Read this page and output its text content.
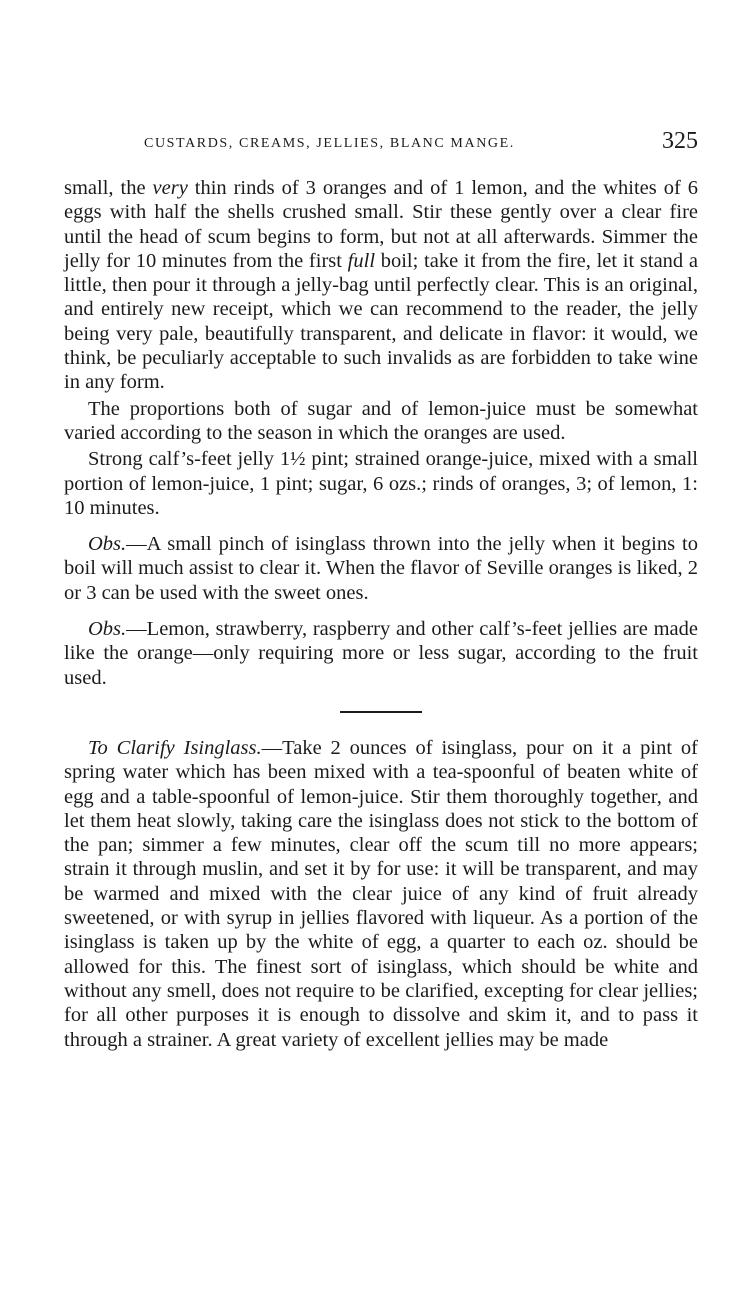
CUSTARDS, CREAMS, JELLIES, BLANC MANGE.	325

small, the very thin rinds of 3 oranges and of 1 lemon, and the whites of 6 eggs with half the shells crushed small. Stir these gently over a clear fire until the head of scum begins to form, but not at all afterwards. Simmer the jelly for 10 minutes from the first full boil; take it from the fire, let it stand a little, then pour it through a jelly-bag until perfectly clear. This is an original, and entirely new receipt, which we can recommend to the reader, the jelly being very pale, beautifully transparent, and delicate in flavor: it would, we think, be peculiarly acceptable to such invalids as are forbidden to take wine in any form.

The proportions both of sugar and of lemon-juice must be somewhat varied according to the season in which the oranges are used.

Strong calf’s-feet jelly 1½ pint; strained orange-juice, mixed with a small portion of lemon-juice, 1 pint; sugar, 6 ozs.; rinds of oranges, 3; of lemon, 1: 10 minutes.

Obs.—A small pinch of isinglass thrown into the jelly when it begins to boil will much assist to clear it. When the flavor of Seville oranges is liked, 2 or 3 can be used with the sweet ones.

Obs.—Lemon, strawberry, raspberry and other calf’s-feet jellies are made like the orange—only requiring more or less sugar, according to the fruit used.

To Clarify Isinglass.—Take 2 ounces of isinglass, pour on it a pint of spring water which has been mixed with a tea-spoonful of beaten white of egg and a table-spoonful of lemon-juice. Stir them thoroughly together, and let them heat slowly, taking care the isinglass does not stick to the bottom of the pan; simmer a few minutes, clear off the scum till no more appears; strain it through muslin, and set it by for use: it will be transparent, and may be warmed and mixed with the clear juice of any kind of fruit already sweetened, or with syrup in jellies flavored with liqueur. As a portion of the isinglass is taken up by the white of egg, a quarter to each oz. should be allowed for this. The finest sort of isinglass, which should be white and without any smell, does not require to be clarified, excepting for clear jellies; for all other purposes it is enough to dissolve and skim it, and to pass it through a strainer. A great variety of excellent jellies may be made
